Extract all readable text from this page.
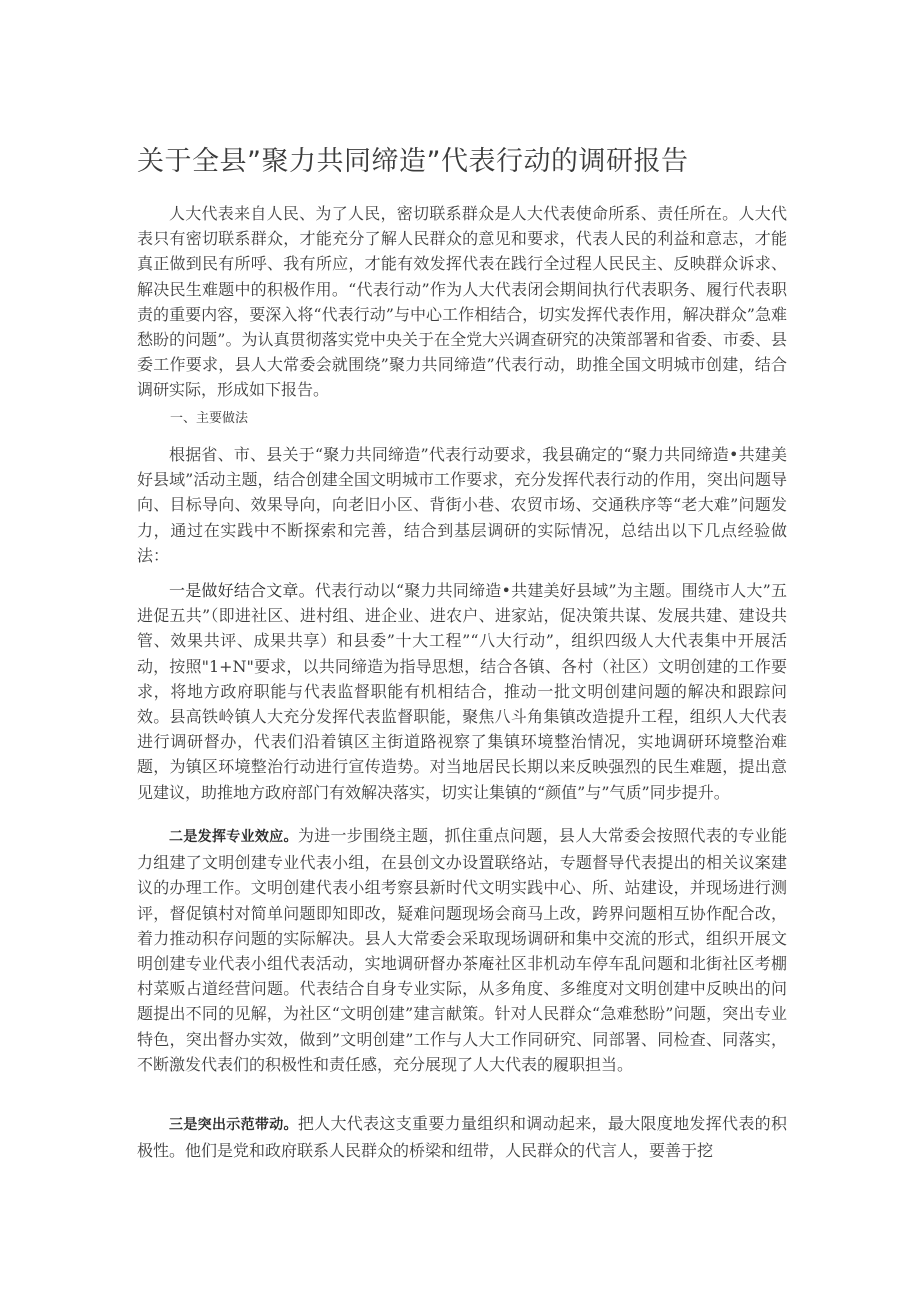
关于全县”聚力共同缔造”代表行动的调研报告

人大代表来自人民、为了人民，密切联系群众是人大代表使命所系、责任所在。人大代表只有密切联系群众，才能充分了解人民群众的意见和要求，代表人民的利益和意志，才能真正做到民有所呼、我有所应，才能有效发挥代表在践行全过程人民民主、反映群众诉求、解决民生难题中的积极作用。“代表行动”作为人大代表闭会期间执行代表职务、履行代表职责的重要内容，要深入将“代表行动”与中心工作相结合，切实发挥代表作用，解决群众”急难愁盼的问题”。为认真贯彻落实党中央关于在全党大兴调查研究的决策部署和省委、市委、县委工作要求，县人大常委会就围绕”聚力共同缔造”代表行动，助推全国文明城市创建，结合调研实际，形成如下报告。

一、主要做法

根据省、市、县关于“聚力共同缔造”代表行动要求，我县确定的“聚力共同缔造•共建美好县域”活动主题，结合创建全国文明城市工作要求，充分发挥代表行动的作用，突出问题导向、目标导向、效果导向，向老旧小区、背街小巷、农贸市场、交通秩序等“老大难”问题发力，通过在实践中不断探索和完善，结合到基层调研的实际情况，总结出以下几点经验做法：

一是做好结合文章。代表行动以“聚力共同缔造•共建美好县域”为主题。围绕市人大”五进促五共”（即进社区、进村组、进企业、进农户、进家站，促决策共谋、发展共建、建设共管、效果共评、成果共享）和县委”十大工程”“八大行动”，组织四级人大代表集中开展活动，按照"1+N"要求，以共同缔造为指导思想，结合各镇、各村（社区）文明创建的工作要求，将地方政府职能与代表监督职能有机相结合，推动一批文明创建问题的解决和跟踪问效。县高铁岭镇人大充分发挥代表监督职能，聚焦八斗角集镇改造提升工程，组织人大代表进行调研督办，代表们沿着镇区主街道路视察了集镇环境整治情况，实地调研环境整治难题，为镇区环境整治行动进行宣传造势。对当地居民长期以来反映强烈的民生难题，提出意见建议，助推地方政府部门有效解决落实，切实让集镇的“颜值”与”气质”同步提升。

二是发挥专业效应。为进一步围绕主题，抓住重点问题，县人大常委会按照代表的专业能力组建了文明创建专业代表小组，在县创文办设置联络站，专题督导代表提出的相关议案建议的办理工作。文明创建代表小组考察县新时代文明实践中心、所、站建设，并现场进行测评，督促镇村对简单问题即知即改，疑难问题现场会商马上改，跨界问题相互协作配合改，着力推动积存问题的实际解决。县人大常委会采取现场调研和集中交流的形式，组织开展文明创建专业代表小组代表活动，实地调研督办茶庵社区非机动车停车乱问题和北街社区考棚村菜贩占道经营问题。代表结合自身专业实际，从多角度、多维度对文明创建中反映出的问题提出不同的见解，为社区“文明创建”建言献策。针对人民群众“急难愁盼”问题，突出专业特色，突出督办实效，做到”文明创建”工作与人大工作同研究、同部署、同检查、同落实，不断激发代表们的积极性和责任感，充分展现了人大代表的履职担当。

三是突出示范带动。把人大代表这支重要力量组织和调动起来，最大限度地发挥代表的积极性。他们是党和政府联系人民群众的桥梁和纽带，人民群众的代言人，要善于挖
